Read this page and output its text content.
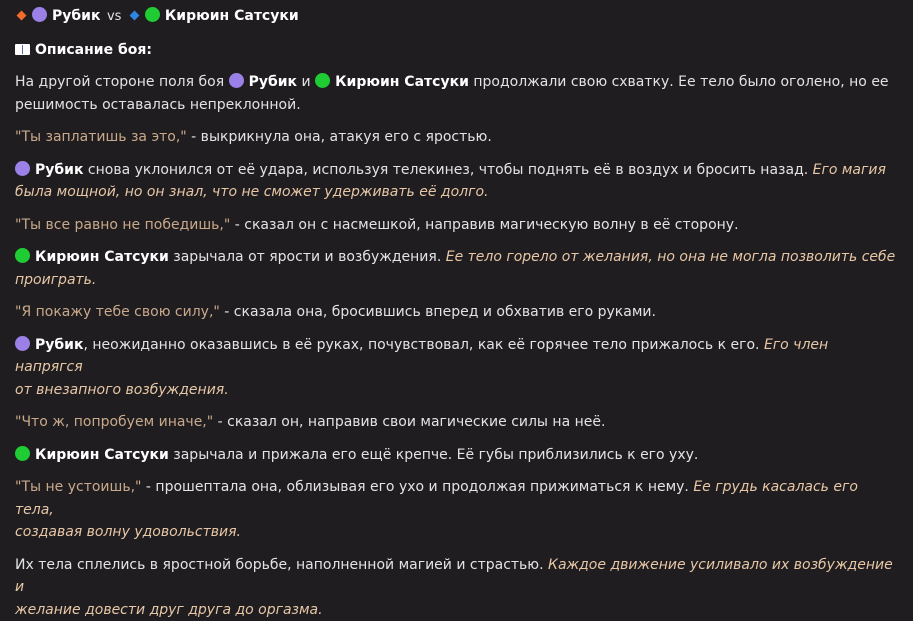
Рубик vs	Кирюин Сатсуки
Описание боя:
На другой стороне поля боя Рубик и Кирюин Сатсуки продолжали свою схватку. Ее тело было оголено, но ее
решимость оставалась непреклонной.
"Ты заплатишь за это," - выкрикнула она, атакуя его с яростью.
Рубик снова уклонился от её удара, используя телекинез, чтобы поднять её в воздух и бросить назад. Его магия
была мощной, но он знал, что не сможет удерживать её долго.
"Ты все равно не победишь," - сказал он с насмешкой, направив магическую волну в её сторону.
Кирюин Сатсуки зарычала от ярости и возбуждения. Ее тело горело от желания, но она не могла позволить себе
проиграть.
"Я покажу тебе свою силу," - сказала она, бросившись вперед и обхватив его руками.
Рубик, неожиданно оказавшись в её руках, почувствовал, как её горячее тело прижалось к его. Его член напрягся
от внезапного возбуждения.
"Что ж, попробуем иначе," - сказал он, направив свои магические силы на неё.
Кирюин Сатсуки зарычала и прижала его ещё крепче. Её губы приблизились к его уху.
"Ты не устоишь," - прошептала она, облизывая его ухо и продолжая прижиматься к нему. Ее грудь касалась его тела,
создавая волну удовольствия.
Их тела сплелись в яростной борьбе, наполненной магией и страстью. Каждое движение усиливало их возбуждение и
желание довести друг друга до оргазма.
